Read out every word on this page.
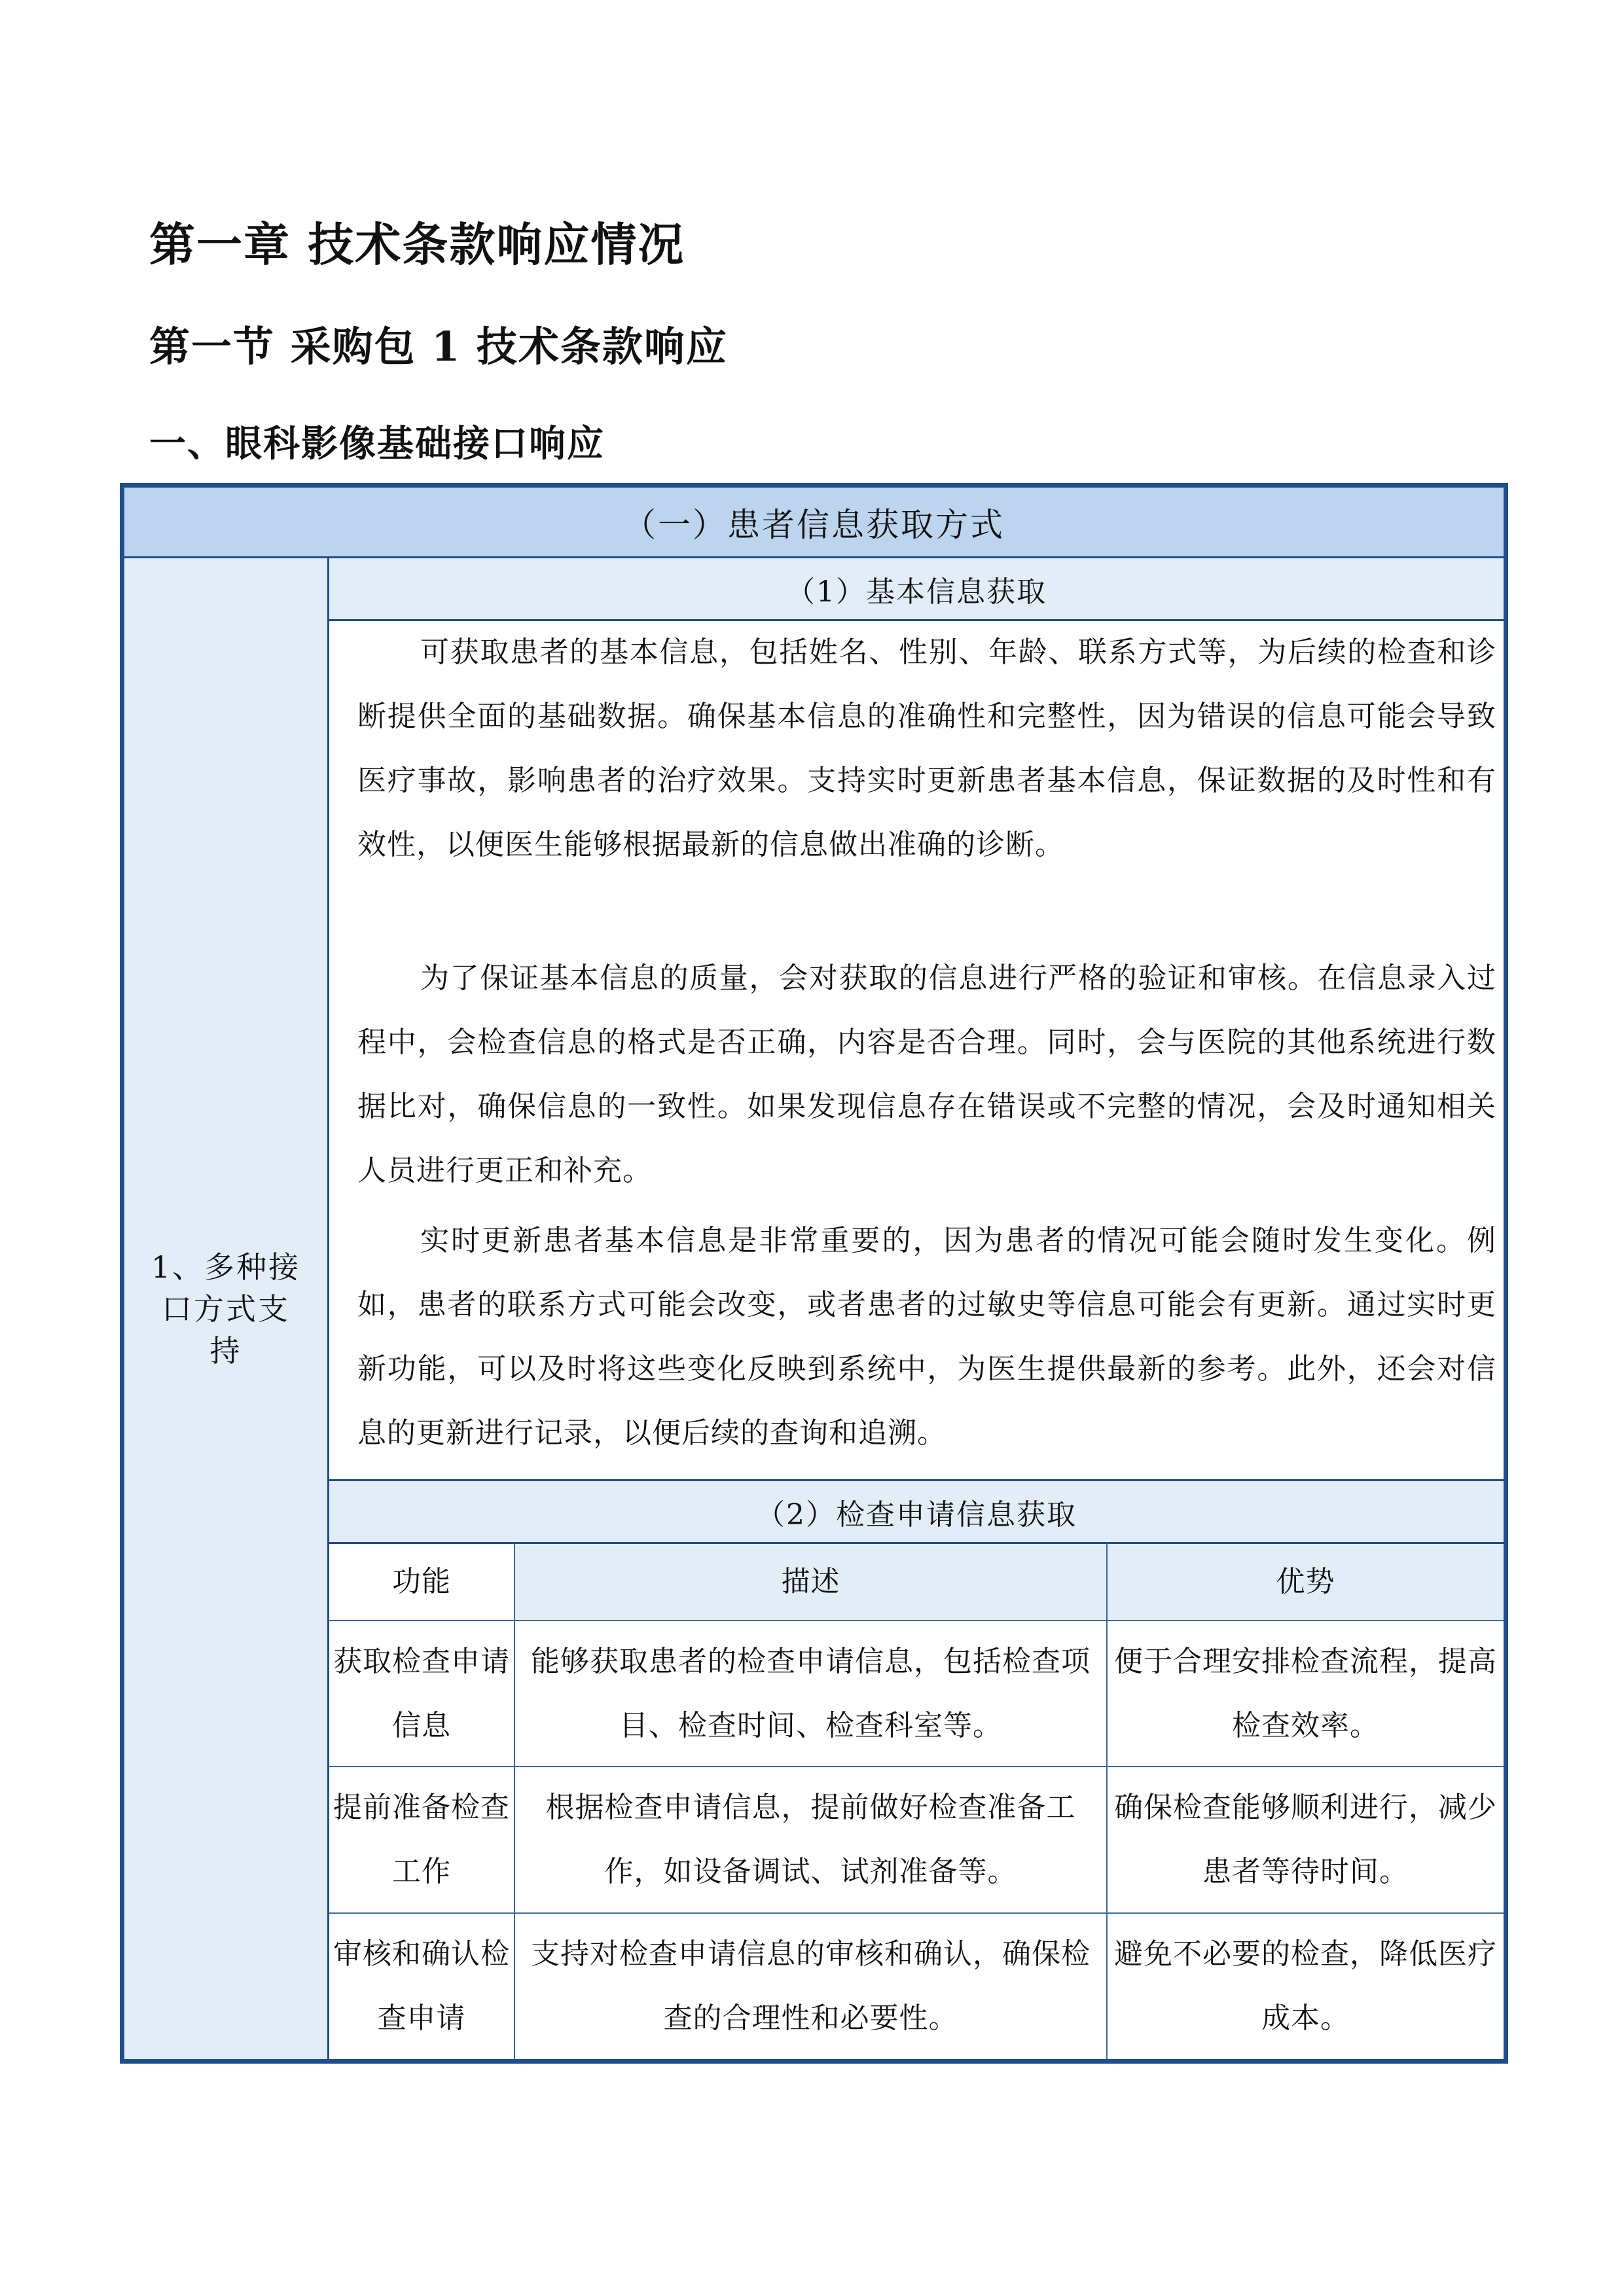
第一章 技术条款响应情况
第一节 采购包 1 技术条款响应
一、眼科影像基础接口响应
（一）患者信息获取方式
1、多种接口方式支持
（1）基本信息获取

可获取患者的基本信息，包括姓名、性别、年龄、联系方式等，为后续的检查和诊断提供全面的基础数据。确保基本信息的准确性和完整性，因为错误的信息可能会导致医疗事故，影响患者的治疗效果。支持实时更新患者基本信息，保证数据的及时性和有效性，以便医生能够根据最新的信息做出准确的诊断。

为了保证基本信息的质量，会对获取的信息进行严格的验证和审核。在信息录入过程中，会检查信息的格式是否正确，内容是否合理。同时，会与医院的其他系统进行数据比对，确保信息的一致性。如果发现信息存在错误或不完整的情况，会及时通知相关人员进行更正和补充。

实时更新患者基本信息是非常重要的，因为患者的情况可能会随时发生变化。例如，患者的联系方式可能会改变，或者患者的过敏史等信息可能会有更新。通过实时更新功能，可以及时将这些变化反映到系统中，为医生提供最新的参考。此外，还会对信息的更新进行记录，以便后续的查询和追溯。

（2）检查申请信息获取
功能	描述	优势
获取检查申请信息
能够获取患者的检查申请信息，包括检查项目、检查时间、检查科室等。
便于合理安排检查流程，提高检查效率。
提前准备检查工作
根据检查申请信息，提前做好检查准备工作，如设备调试、试剂准备等。
确保检查能够顺利进行，减少患者等待时间。
审核和确认检查申请
支持对检查申请信息的审核和确认，确保检查的合理性和必要性。
避免不必要的检查，降低医疗成本。
